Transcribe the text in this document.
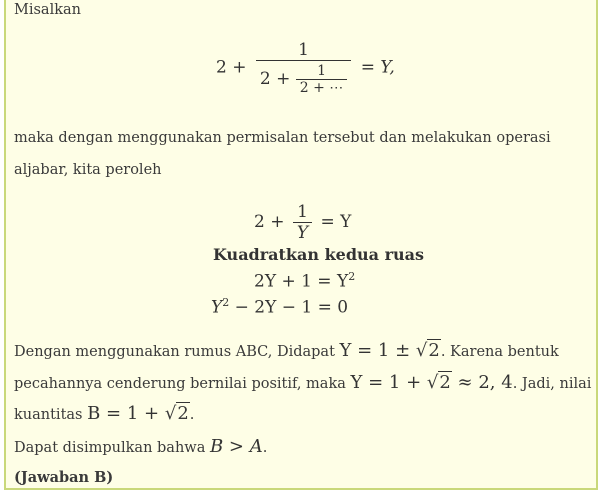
Misalkan
$2 + \frac{1}{2 + \frac{1}{2 + \cdots}} = Y$,
maka dengan menggunakan permisalan tersebut dan melakukan operasi
aljabar, kita peroleh
$2 + \frac{1}{Y} = Y$
Kuadratkan kedua ruas
$2Y + 1 = Y^2$
$Y^2 - 2Y - 1 = 0$
Dengan menggunakan rumus ABC, Didapat Y = 1 ± √2. Karena bentuk
pecahannya cenderung bernilai positif, maka Y = 1 + √2 ≈ 2, 4. Jadi, nilai
kuantitas B = 1 + √2.
Dapat disimpulkan bahwa B > A.
(Jawaban B)
